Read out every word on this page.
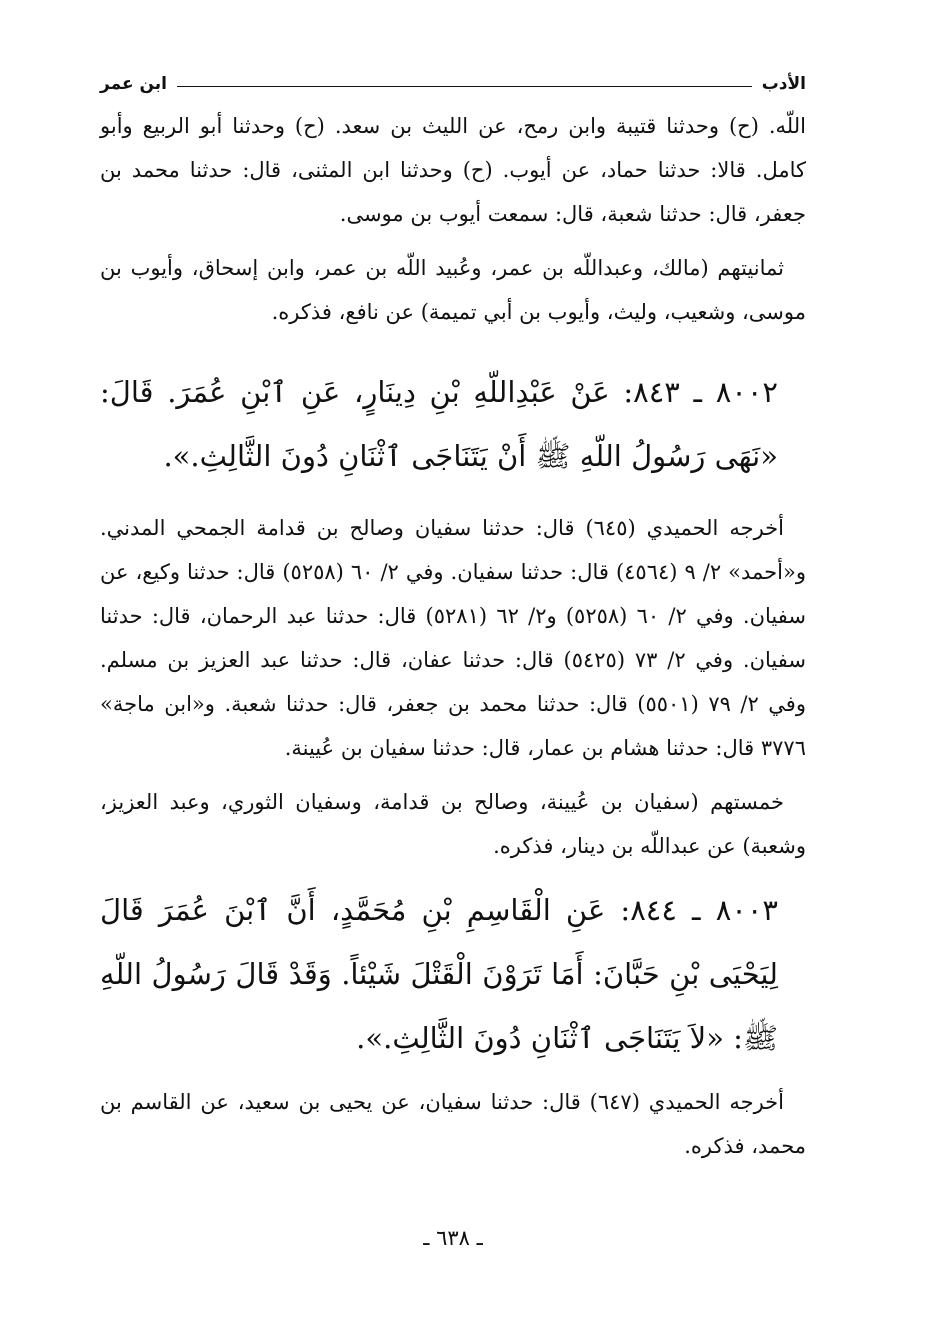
الأدب
ابن عمر

اللّه. (ح) وحدثنا قتيبة وابن رمح، عن الليث بن سعد. (ح) وحدثنا أبو الربيع وأبو كامل. قالا: حدثنا حماد، عن أيوب. (ح) وحدثنا ابن المثنى، قال: حدثنا محمد بن جعفر، قال: حدثنا شعبة، قال: سمعت أيوب بن موسى.

ثمانيتهم (مالك، وعبداللّه بن عمر، وعُبيد اللّه بن عمر، وابن إسحاق، وأيوب بن موسى، وشعيب، وليث، وأيوب بن أبي تميمة) عن نافع، فذكره.

٨٠٠٢ ـ ٨٤٣: عَنْ عَبْدِاللّهِ بْنِ دِينَارٍ، عَنِ ٱبْنِ عُمَرَ. قَالَ: «نَهَى رَسُولُ اللّهِ ﷺ أَنْ يَتَنَاجَى ٱثْنَانِ دُونَ الثَّالِثِ.».

أخرجه الحميدي (٦٤٥) قال: حدثنا سفيان وصالح بن قدامة الجمحي المدني. و«أحمد» ٢/ ٩ (٤٥٦٤) قال: حدثنا سفيان. وفي ٢/ ٦٠ (٥٢٥٨) قال: حدثنا وكيع، عن سفيان. وفي ٢/ ٦٠ (٥٢٥٨) و٢/ ٦٢ (٥٢٨١) قال: حدثنا عبد الرحمان، قال: حدثنا سفيان. وفي ٢/ ٧٣ (٥٤٢٥) قال: حدثنا عفان، قال: حدثنا عبد العزيز بن مسلم. وفي ٢/ ٧٩ (٥٥٠١) قال: حدثنا محمد بن جعفر، قال: حدثنا شعبة. و«ابن ماجة» ٣٧٧٦ قال: حدثنا هشام بن عمار، قال: حدثنا سفيان بن عُيينة.

خمستهم (سفيان بن عُيينة، وصالح بن قدامة، وسفيان الثوري، وعبد العزيز، وشعبة) عن عبداللّه بن دينار، فذكره.

٨٠٠٣ ـ ٨٤٤: عَنِ الْقَاسِمِ بْنِ مُحَمَّدٍ، أَنَّ ٱبْنَ عُمَرَ قَالَ لِيَحْيَى بْنِ حَبَّانَ: أَمَا تَرَوْنَ الْقَتْلَ شَيْئاً. وَقَدْ قَالَ رَسُولُ اللّهِ ﷺ: «لاَ يَتَنَاجَى ٱثْنَانِ دُونَ الثَّالِثِ.».

أخرجه الحميدي (٦٤٧) قال: حدثنا سفيان، عن يحيى بن سعيد، عن القاسم بن محمد، فذكره.

ـ ٦٣٨ ـ
